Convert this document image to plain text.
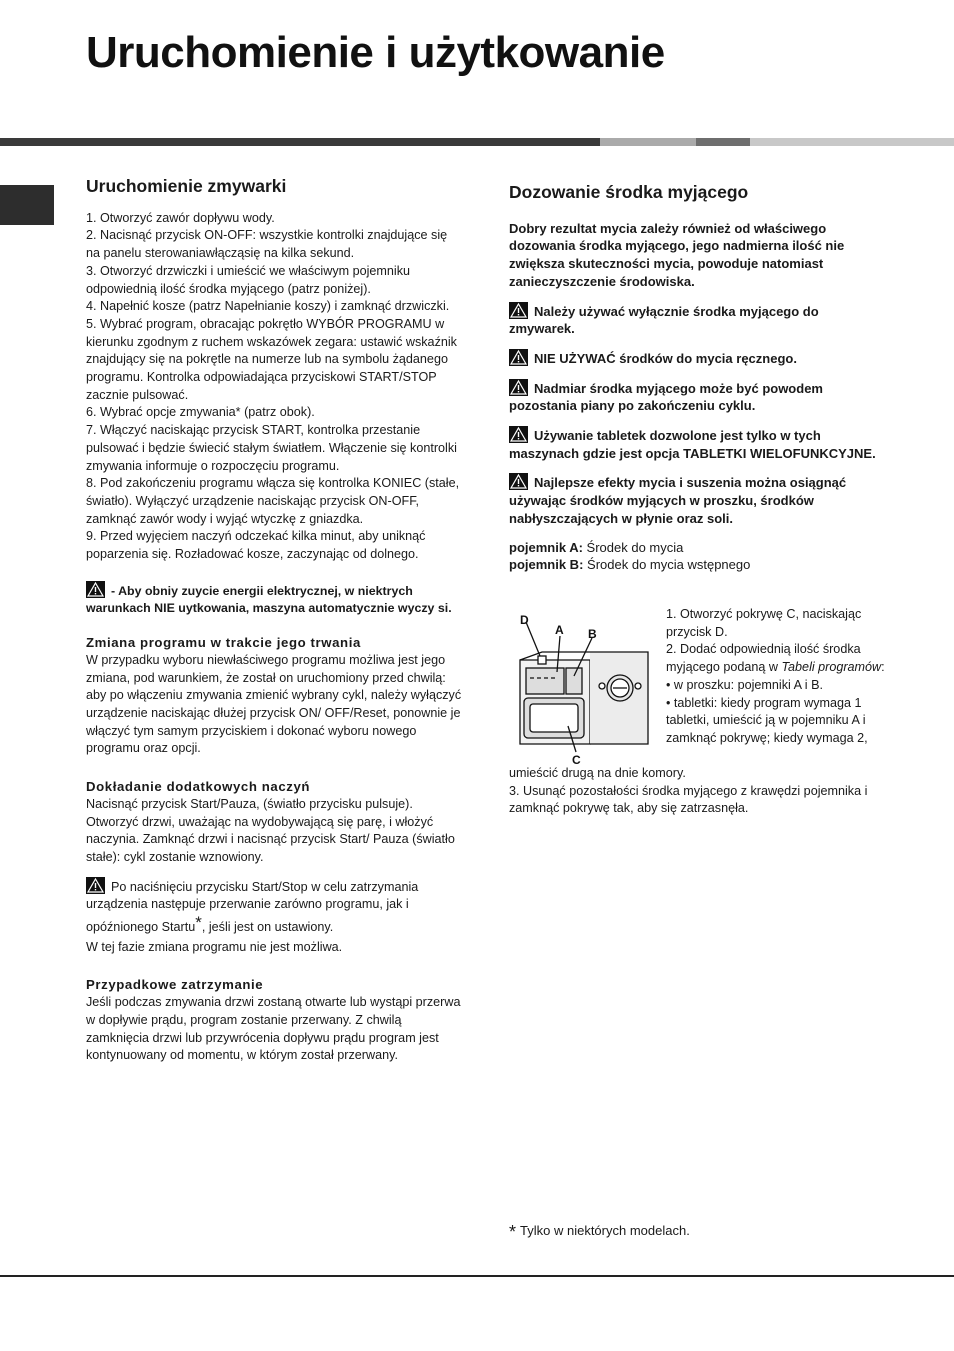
Uruchomienie i użytkowanie

Uruchomienie zmywarki

1. Otworzyć zawór dopływu wody.

2. Nacisnąć przycisk ON-OFF: wszystkie kontrolki znajdujące się na panelu sterowaniawłącząsię na kilka sekund.

3. Otworzyć drzwiczki i umieścić we właściwym pojemniku odpowiednią ilość środka myjącego (patrz poniżej).

4. Napełnić kosze (patrz Napełnianie koszy) i zamknąć drzwiczki.

5. Wybrać program, obracając pokrętło WYBÓR PROGRAMU w kierunku zgodnym z ruchem wskazówek zegara: ustawić wskaźnik znajdujący się na pokrętle na numerze lub na symbolu żądanego programu. Kontrolka odpowiadająca przyciskowi START/STOP zacznie pulsować.

6. Wybrać opcje zmywania* (patrz obok).

7. Włączyć naciskając przycisk START, kontrolka przestanie pulsować i będzie świecić stałym światłem. Włączenie się kontrolki zmywania informuje o rozpoczęciu programu.

8. Pod zakończeniu programu włącza się kontrolka KONIEC (stałe, światło). Wyłączyć urządzenie naciskając przycisk ON-OFF, zamknąć zawór wody i wyjąć wtyczkę z gniazdka.

9. Przed wyjęciem naczyń odczekać kilka minut, aby uniknąć poparzenia się. Rozładować kosze, zaczynając od dolnego.

- Aby obniy zuycie energii elektrycznej, w niektrych warunkach NIE uytkowania, maszyna automatycznie wyczy si.

Zmiana programu w trakcie jego trwania

W przypadku wyboru niewłaściwego programu możliwa jest jego zmiana, pod warunkiem, że został on uruchomiony przed chwilą: aby po włączeniu zmywania zmienić wybrany cykl, należy wyłączyć urządzenie naciskając dłużej przycisk ON/ OFF/Reset, ponownie je włączyć tym samym przyciskiem i dokonać wyboru nowego programu oraz opcji.

Dokładanie dodatkowych naczyń

Nacisnąć przycisk Start/Pauza, (światło przycisku pulsuje). Otworzyć drzwi, uważając na wydobywającą się parę, i włożyć naczynia. Zamknąć drzwi i nacisnąć przycisk Start/ Pauza (światło stałe): cykl zostanie wznowiony.

Po naciśnięciu przycisku Start/Stop w celu zatrzymania urządzenia następuje przerwanie zarówno programu, jak i opóźnionego Startu*, jeśli jest on ustawiony.

W tej fazie zmiana programu nie jest możliwa.

Przypadkowe zatrzymanie

Jeśli podczas zmywania drzwi zostaną otwarte lub wystąpi przerwa w dopływie prądu, program zostanie przerwany. Z chwilą zamknięcia drzwi lub przywrócenia dopływu prądu program jest kontynuowany od momentu, w którym został przerwany.

Dozowanie środka myjącego

Dobry rezultat mycia zależy również od właściwego dozowania środka myjącego, jego nadmierna ilość nie zwiększa skuteczności mycia, powoduje natomiast zanieczyszczenie środowiska.

Należy używać wyłącznie środka myjącego do zmywarek.

NIE UŻYWAĆ środków do mycia ręcznego.

Nadmiar środka myjącego może być powodem pozostania piany po zakończeniu cyklu.

Używanie tabletek dozwolone jest tylko w tych maszynach gdzie jest opcja TABLETKI WIELOFUNKCYJNE.

Najlepsze efekty mycia i suszenia można osiągnąć używając środków myjących w proszku, środków nabłyszczających w płynie oraz soli.

pojemnik A: Środek do mycia

pojemnik B: Środek do mycia wstępnego

D
A B
C

1. Otworzyć pokrywę C, naciskając przycisk D.

2. Dodać odpowiednią ilość środka myjącego podaną w Tabeli programów:

• w proszku: pojemniki A i B.

• tabletki: kiedy program wymaga 1 tabletki, umieścić ją w pojemniku A i zamknąć pokrywę; kiedy wymaga 2,

umieścić drugą na dnie komory.

3. Usunąć pozostałości środka myjącego z krawędzi pojemnika i zamknąć pokrywę tak, aby się zatrzasnęła.

* Tylko w niektórych modelach.
